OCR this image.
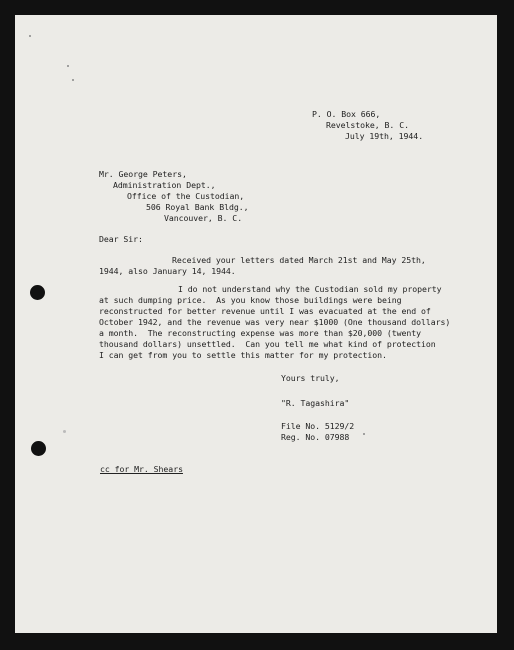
P. O. Box 666,
Revelstoke, B. C.
July 19th, 1944.
Mr. George Peters,
Administration Dept.,
Office of the Custodian,
506 Royal Bank Bldg.,
Vancouver, B. C.
Dear Sir:
Received your letters dated March 21st and May 25th,
1944, also January 14, 1944.
I do not understand why the Custodian sold my property
at such dumping price.  As you know those buildings were being
reconstructed for better revenue until I was evacuated at the end of
October 1942, and the revenue was very near $1000 (One thousand dollars)
a month.  The reconstructing expense was more than $20,000 (twenty
thousand dollars) unsettled.  Can you tell me what kind of protection
I can get from you to settle this matter for my protection.
Yours truly,
"R. Tagashira"
File No. 5129/2
Reg. No. 07988
cc for Mr. Shears
